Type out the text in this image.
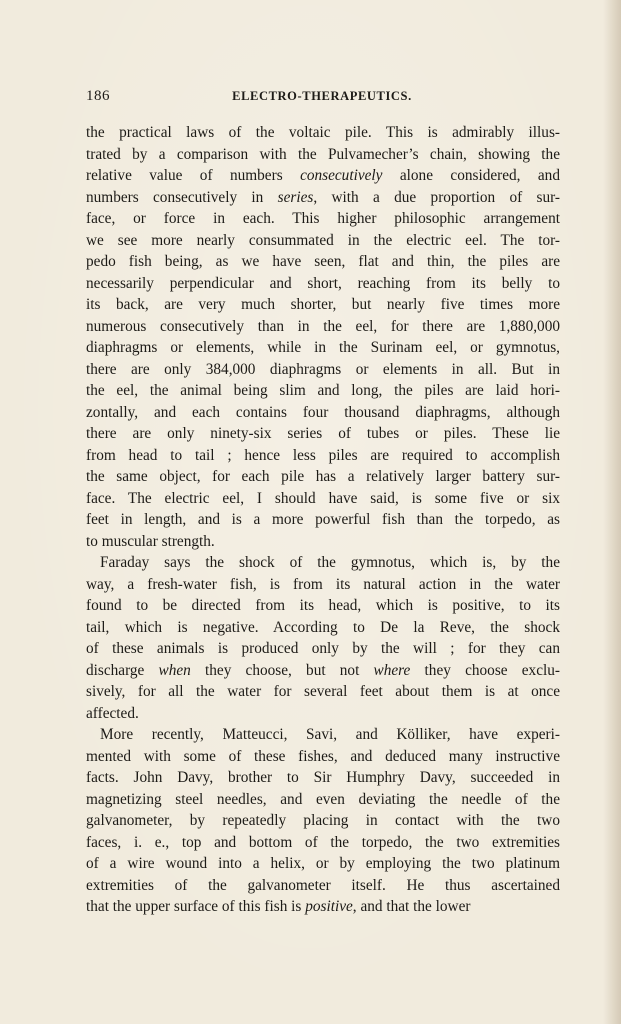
186	ELECTRO-THERAPEUTICS.
the practical laws of the voltaic pile. This is admirably illus-
trated by a comparison with the Pulvamecher’s chain, showing the
relative value of numbers consecutively alone considered, and
numbers consecutively in series, with a due proportion of sur-
face, or force in each. This higher philosophic arrangement
we see more nearly consummated in the electric eel. The tor-
pedo fish being, as we have seen, flat and thin, the piles are
necessarily perpendicular and short, reaching from its belly to
its back, are very much shorter, but nearly five times more
numerous consecutively than in the eel, for there are 1,880,000
diaphragms or elements, while in the Surinam eel, or gymnotus,
there are only 384,000 diaphragms or elements in all. But in
the eel, the animal being slim and long, the piles are laid hori-
zontally, and each contains four thousand diaphragms, although
there are only ninety-six series of tubes or piles. These lie
from head to tail ; hence less piles are required to accomplish
the same object, for each pile has a relatively larger battery sur-
face. The electric eel, I should have said, is some five or six
feet in length, and is a more powerful fish than the torpedo, as
to muscular strength.
Faraday says the shock of the gymnotus, which is, by the
way, a fresh-water fish, is from its natural action in the water
found to be directed from its head, which is positive, to its
tail, which is negative. According to De la Reve, the shock
of these animals is produced only by the will ; for they can
discharge when they choose, but not where they choose exclu-
sively, for all the water for several feet about them is at once
affected.
More recently, Matteucci, Savi, and Kölliker, have experi-
mented with some of these fishes, and deduced many instructive
facts. John Davy, brother to Sir Humphry Davy, succeeded in
magnetizing steel needles, and even deviating the needle of the
galvanometer, by repeatedly placing in contact with the two
faces, i. e., top and bottom of the torpedo, the two extremities
of a wire wound into a helix, or by employing the two platinum
extremities of the galvanometer itself. He thus ascertained
that the upper surface of this fish is positive, and that the lower
